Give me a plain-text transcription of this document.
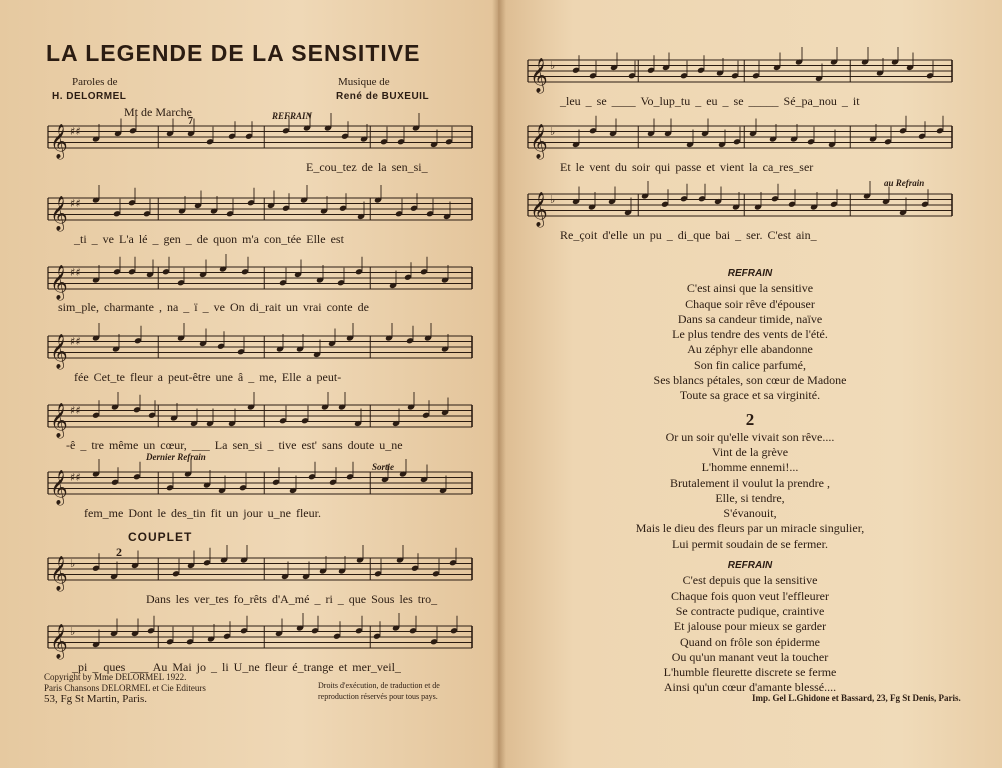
LA LEGENDE DE LA SENSITIVE
Paroles de
H. DELORMEL
Musique de
René de BUXEUIL
Mt de Marche
7	REFRAIN
Dernier Refrain
Sortie
COUPLET
2
au Refrain
𝄞 ♯♯
𝄞 ♯♯
𝄞 ♯♯
𝄞 ♯♯
𝄞 ♯♯
𝄞 ♯♯
𝄞 ♭
𝄞 ♭
𝄞 ♭
𝄞 ♭
𝄞 ♭
E_cou_tez de la sen_si_
_ti _ ve L'a lé _ gen _ de quon m'a con_tée Elle est
sim_ple, charmante , na _ ï _ ve On di_rait un vrai conte de
fée Cet_te fleur a peut-être une â _ me, Elle a peut-
-ê _ tre même un cœur, ___ La sen_si _ tive est' sans doute u_ne
fem_me Dont le des_tin fit un jour u_ne fleur.
Dans les ver_tes fo_rêts d'A_mé _ ri _ que Sous les tro_
_pi _ ques ___ Au Mai jo _ li U_ne fleur é_trange et mer_veil_
_leu _ se ____ Vo_lup_tu _ eu _ se _____ Sé_pa_nou _ it
Et le vent du soir qui passe et vient la ca_res_ser
Re_çoit d'elle un pu _ di_que bai _ ser. C'est ain_
Copyright by Mme DELORMEL 1922.
Paris Chansons DELORMEL et Cie Editeurs
53, Fg St Martin, Paris.
Droits d'exécution, de traduction et de reproduction réservés pour tous pays.
REFRAIN
C'est ainsi que la sensitive
Chaque soir rêve d'épouser
Dans sa candeur timide, naïve
Le plus tendre des vents de l'été.
Au zéphyr elle abandonne
Son fin calice parfumé,
Ses blancs pétales, son cœur de Madone
Toute sa grace et sa virginité.
2
Or un soir qu'elle vivait son rêve....
Vint de la grève
L'homme ennemi!...
Brutalement il voulut la prendre ,
Elle, si tendre,
S'évanouit,
Mais le dieu des fleurs par un miracle singulier,
Lui permit soudain de se fermer.
REFRAIN
C'est depuis que la sensitive
Chaque fois quon veut l'effleurer
Se contracte pudique, craintive
Et jalouse pour mieux se garder
Quand on frôle son épiderme
Ou qu'un manant veut la toucher
L'humble fleurette discrete se ferme
Ainsi qu'un cœur d'amante blessé....
Imp. Gel L.Ghidone et Bassard, 23, Fg St Denis, Paris.
